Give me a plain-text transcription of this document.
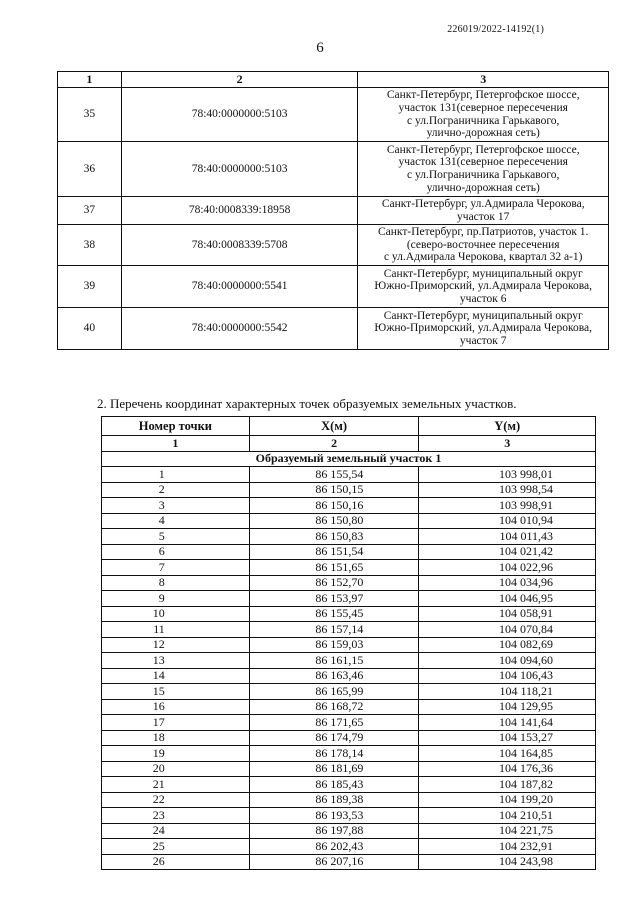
226019/2022-14192(1)
6
1	2	3
35	78:40:0000000:5103	Санкт-Петербург, Петергофское шоссе,
участок 131(северное пересечения
с ул.Пограничника Гарькавого,
улично-дорожная сеть)

36	78:40:0000000:5103	Санкт-Петербург, Петергофское шоссе,
участок 131(северное пересечения
с ул.Пограничника Гарькавого,
улично-дорожная сеть)

37	78:40:0008339:18958	Санкт-Петербург, ул.Адмирала Черокова,
участок 17

38	78:40:0008339:5708	Санкт-Петербург, пр.Патриотов, участок 1.
(северо-восточнее пересечения
с ул.Адмирала Черокова, квартал 32 а-1)

39	78:40:0000000:5541	Санкт-Петербург, муниципальный округ
Южно-Приморский, ул.Адмирала Черокова,
участок 6

40	78:40:0000000:5542	Санкт-Петербург, муниципальный округ
Южно-Приморский, ул.Адмирала Черокова,
участок 7
2. Перечень координат характерных точек образуемых земельных участков.
Номер точки	X(м)	Y(м)
1	2	3
Образуемый земельный участок 1		
1	86 155,54	103 998,01
2	86 150,15	103 998,54
3	86 150,16	103 998,91
4	86 150,80	104 010,94
5	86 150,83	104 011,43
6	86 151,54	104 021,42
7	86 151,65	104 022,96
8	86 152,70	104 034,96
9	86 153,97	104 046,95
10	86 155,45	104 058,91
11	86 157,14	104 070,84
12	86 159,03	104 082,69
13	86 161,15	104 094,60
14	86 163,46	104 106,43
15	86 165,99	104 118,21
16	86 168,72	104 129,95
17	86 171,65	104 141,64
18	86 174,79	104 153,27
19	86 178,14	104 164,85
20	86 181,69	104 176,36
21	86 185,43	104 187,82
22	86 189,38	104 199,20
23	86 193,53	104 210,51
24	86 197,88	104 221,75
25	86 202,43	104 232,91
26	86 207,16	104 243,98
